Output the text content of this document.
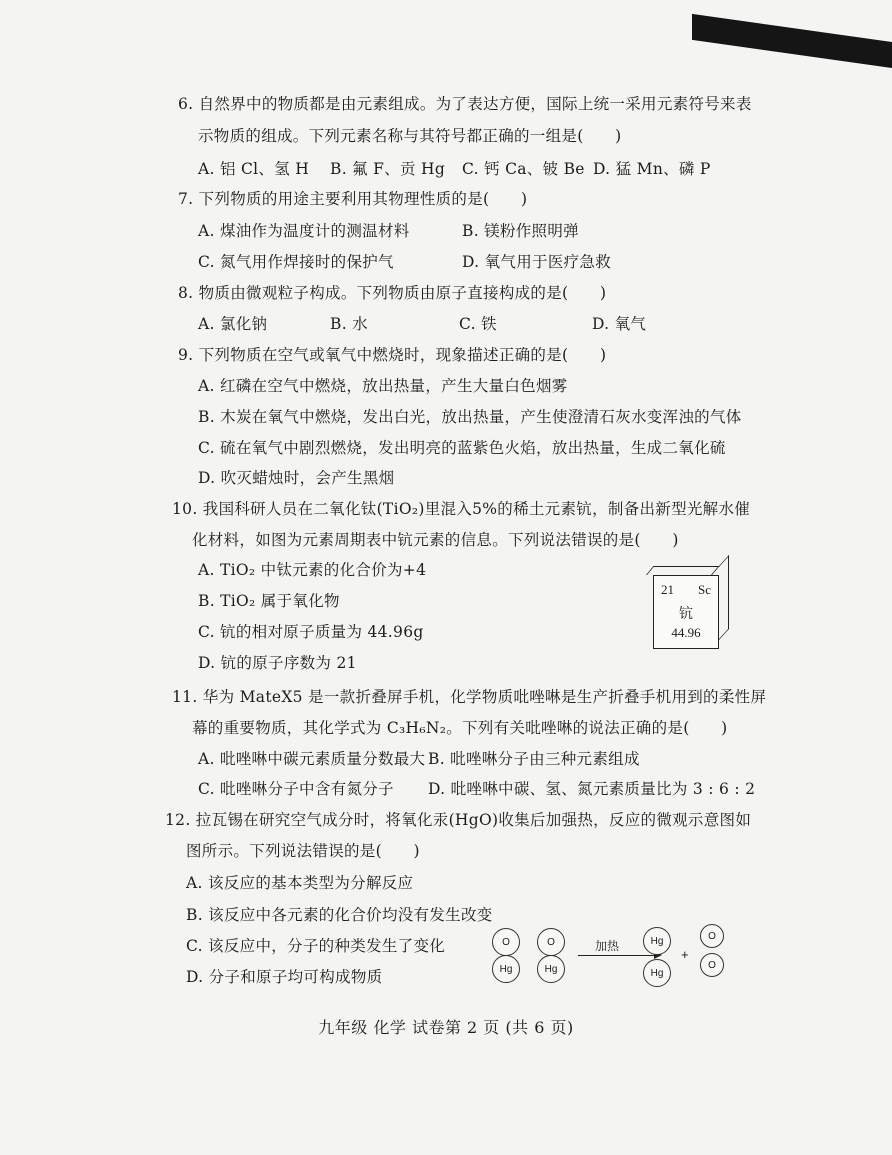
6. 自然界中的物质都是由元素组成。为了表达方便，国际上统一采用元素符号来表
示物质的组成。下列元素名称与其符号都正确的一组是(　　)
A. 铝 Cl、氢 H B. 氟 F、贡 Hg C. 钙 Ca、铍 Be D. 猛 Mn、磷 P
7. 下列物质的用途主要利用其物理性质的是(　　)
A. 煤油作为温度计的测温材料	B. 镁粉作照明弹
C. 氮气用作焊接时的保护气	D. 氧气用于医疗急救
8. 物质由微观粒子构成。下列物质由原子直接构成的是(　　)
A. 氯化钠	B. 水	C. 铁	D. 氧气
9. 下列物质在空气或氧气中燃烧时，现象描述正确的是(　　)
A. 红磷在空气中燃烧，放出热量，产生大量白色烟雾
B. 木炭在氧气中燃烧，发出白光，放出热量，产生使澄清石灰水变浑浊的气体
C. 硫在氧气中剧烈燃烧，发出明亮的蓝紫色火焰，放出热量，生成二氧化硫
D. 吹灭蜡烛时，会产生黑烟
10. 我国科研人员在二氧化钛(TiO₂)里混入5%的稀土元素钪，制备出新型光解水催
化材料，如图为元素周期表中钪元素的信息。下列说法错误的是(　　)
A. TiO₂ 中钛元素的化合价为+4
B. TiO₂ 属于氧化物
C. 钪的相对原子质量为 44.96g
D. 钪的原子序数为 21
21 Sc
钪
44.96
11. 华为 MateX5 是一款折叠屏手机，化学物质吡唑啉是生产折叠手机用到的柔性屏
幕的重要物质，其化学式为 C₃H₆N₂。下列有关吡唑啉的说法正确的是(　　)
A. 吡唑啉中碳元素质量分数最大 B. 吡唑啉分子由三种元素组成
C. 吡唑啉分子中含有氮分子 D. 吡唑啉中碳、氢、氮元素质量比为 3 : 6 : 2
12. 拉瓦锡在研究空气成分时，将氧化汞(HgO)收集后加强热，反应的微观示意图如
图所示。下列说法错误的是(　　)
A. 该反应的基本类型为分解反应
B. 该反应中各元素的化合价均没有发生改变
C. 该反应中，分子的种类发生了变化
D. 分子和原子均可构成物质
O
Hg
O
Hg
加热	Hg
Hg
+
O
O
九年级 化学 试卷第 2 页 (共 6 页)
